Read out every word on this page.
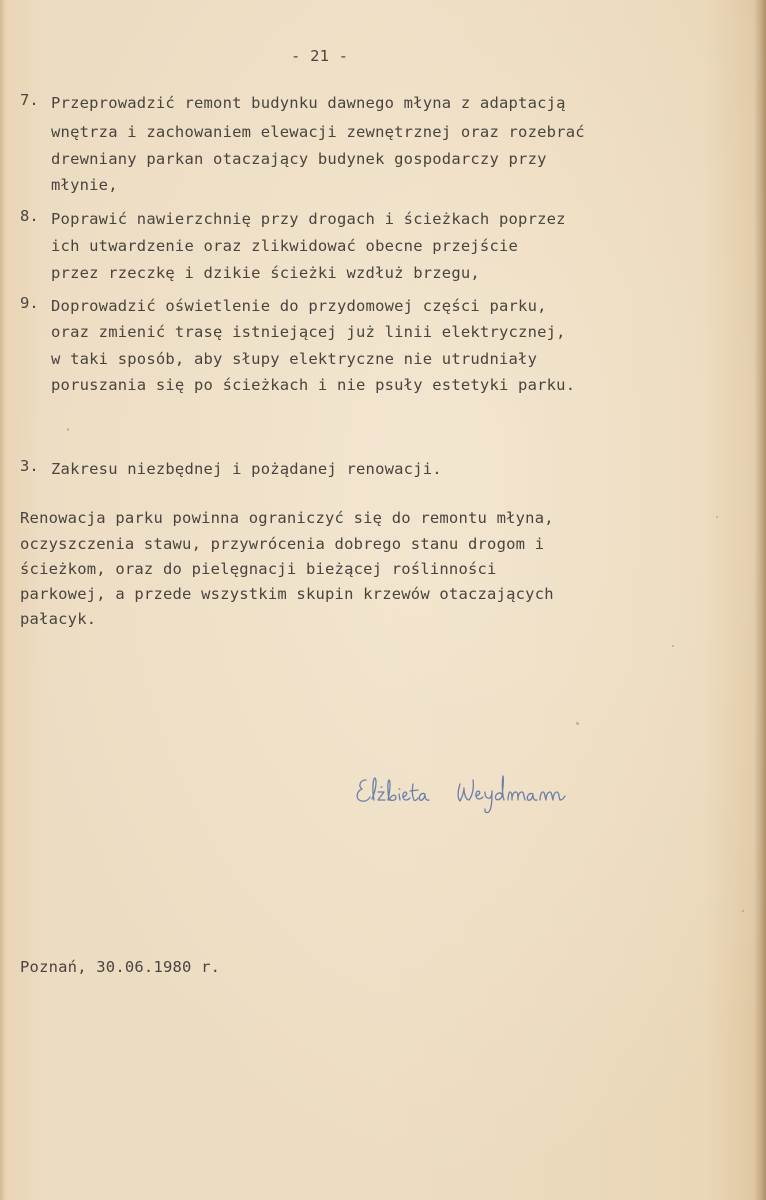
- 21 -
7. Przeprowadzić remont budynku dawnego młyna z adaptacją
wnętrza i zachowaniem elewacji zewnętrznej oraz rozebrać
drewniany parkan otaczający budynek gospodarczy przy
młynie,
8. Poprawić nawierzchnię przy drogach i ścieżkach poprzez
ich utwardzenie oraz zlikwidować obecne przejście
przez rzeczkę i dzikie ścieżki wzdłuż brzegu,
9. Doprowadzić oświetlenie do przydomowej części parku,
oraz zmienić trasę istniejącej już linii elektrycznej,
w taki sposób, aby słupy elektryczne nie utrudniały
poruszania się po ścieżkach i nie psuły estetyki parku.
3. Zakresu niezbędnej i pożądanej renowacji.
Renowacja parku powinna ograniczyć się do remontu młyna,
oczyszczenia stawu, przywrócenia dobrego stanu drogom i
ścieżkom, oraz do pielęgnacji bieżącej roślinności
parkowej, a przede wszystkim skupin krzewów otaczających
pałacyk.
Poznań, 30.06.1980 r.
